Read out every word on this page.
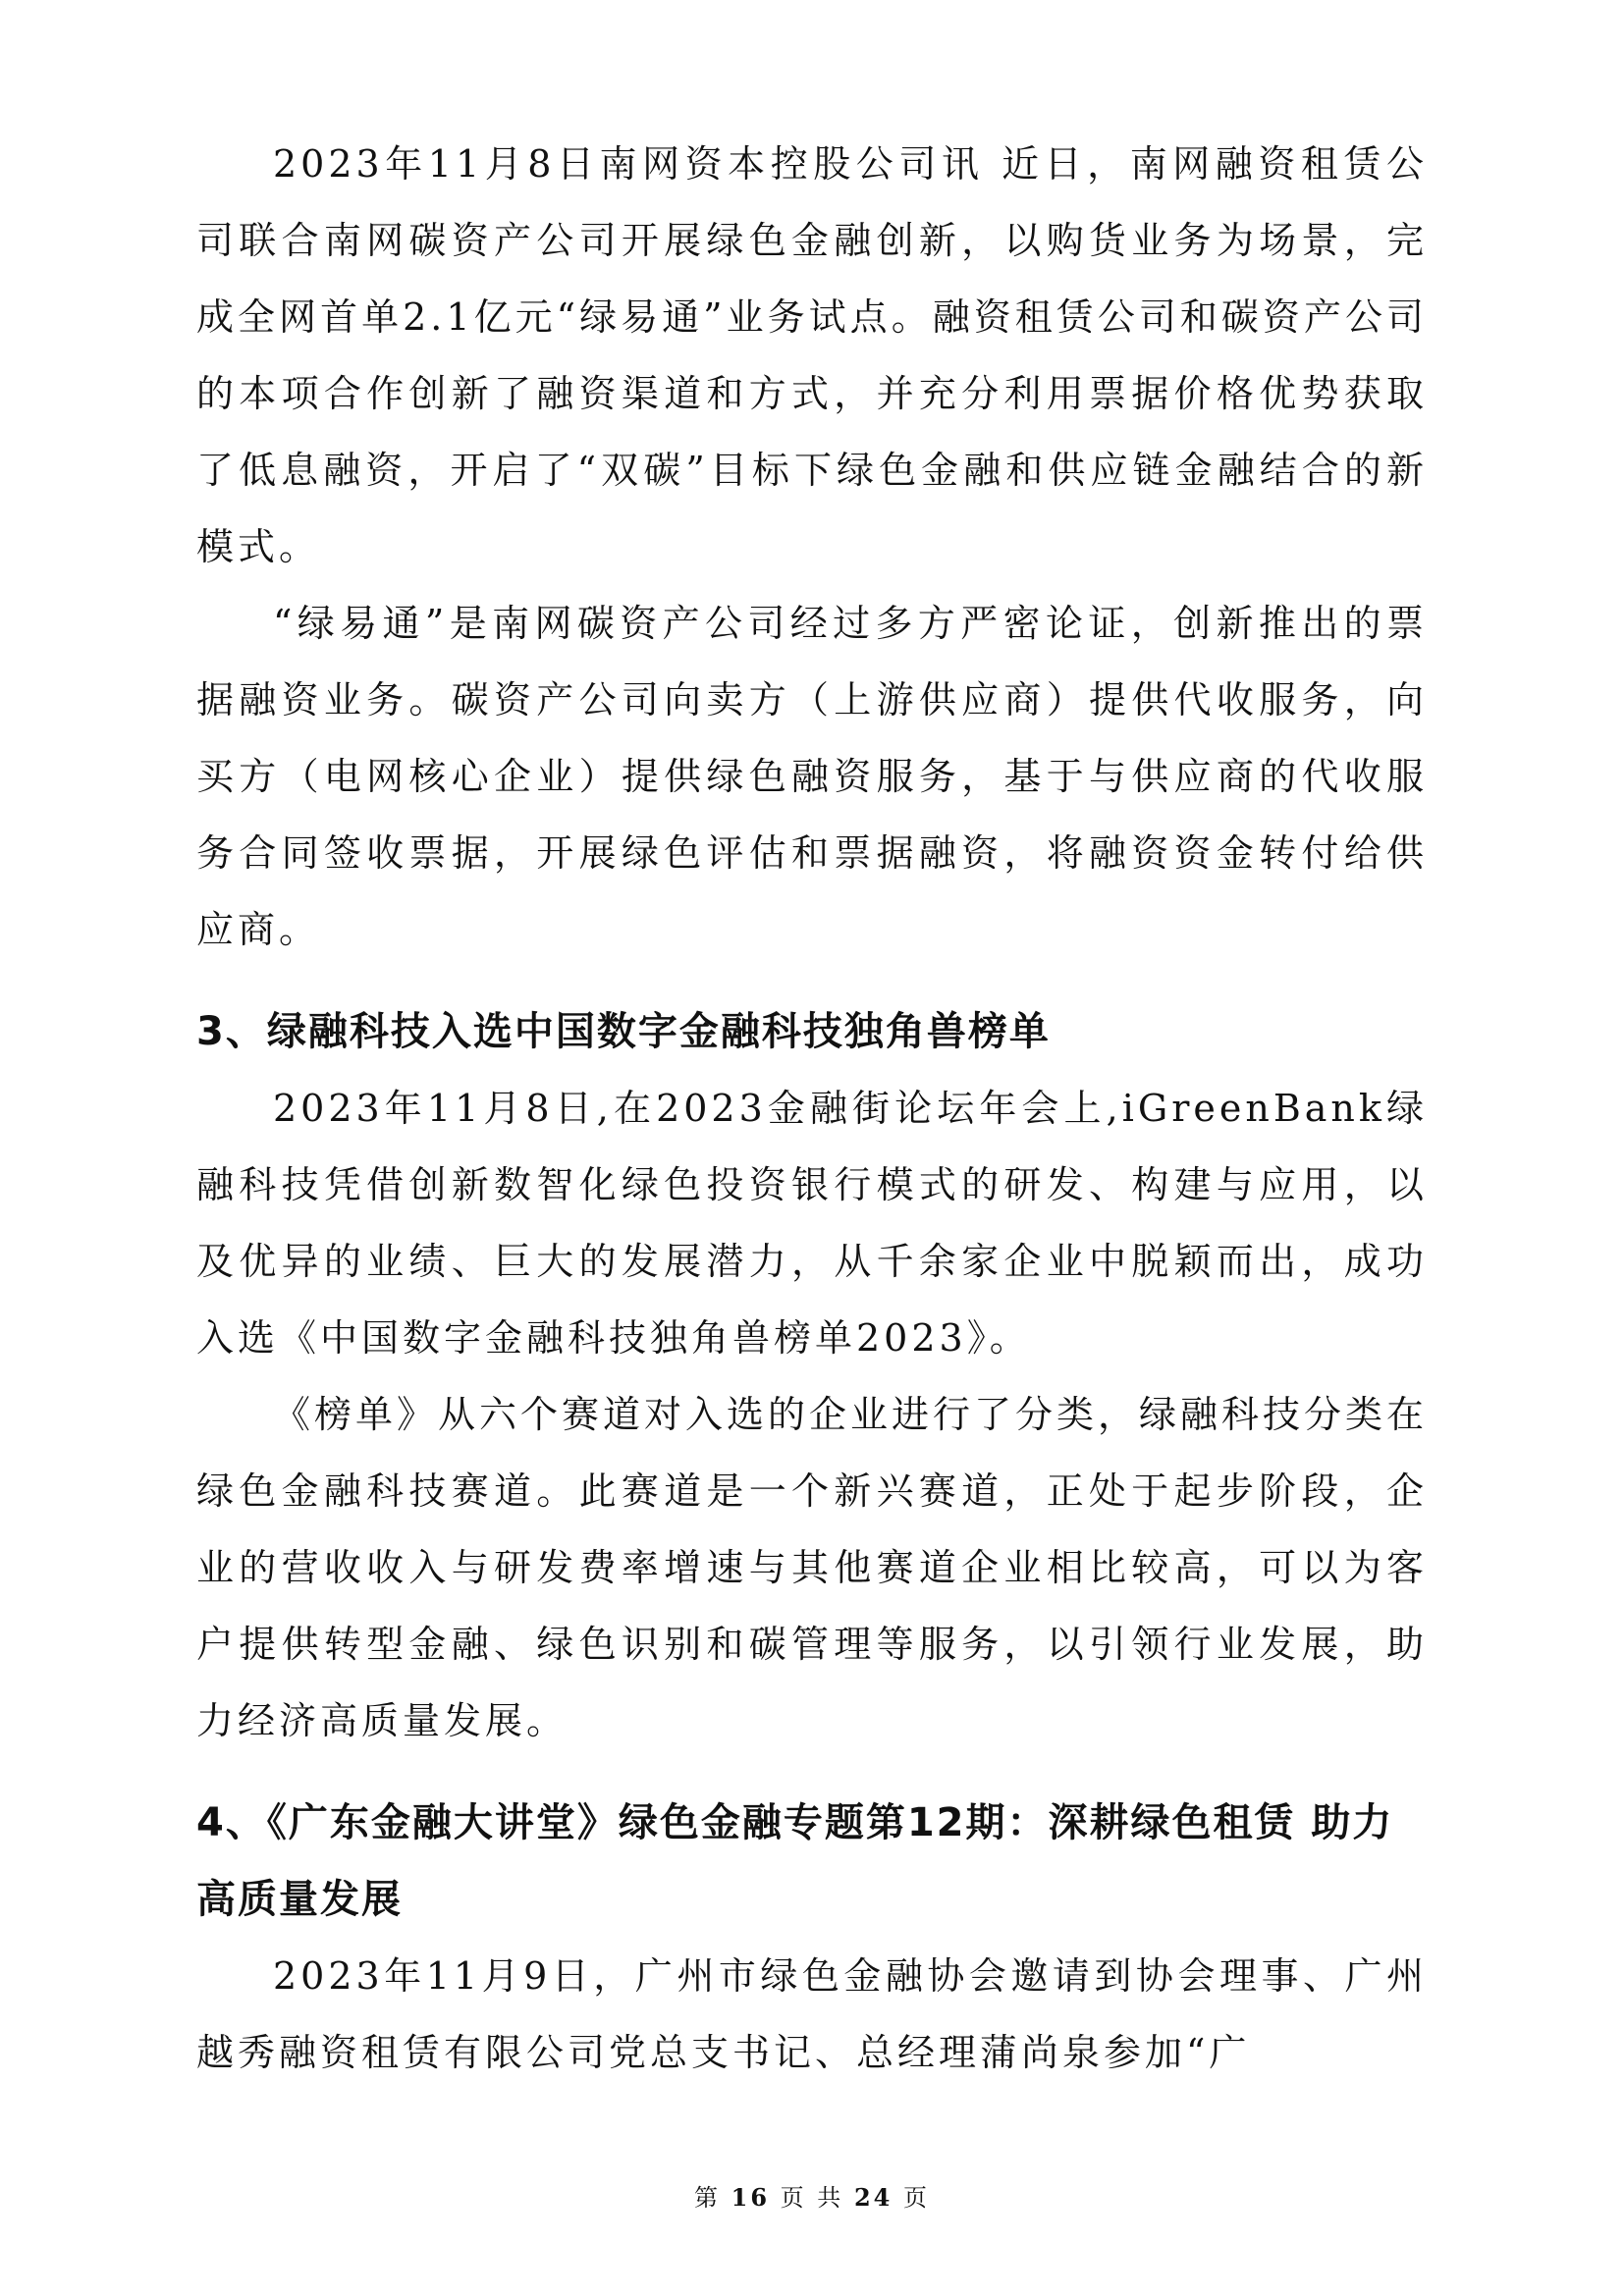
2023年11月8日南网资本控股公司讯 近日，南网融资租赁公司联合南网碳资产公司开展绿色金融创新，以购货业务为场景，完成全网首单2.1亿元“绿易通”业务试点。融资租赁公司和碳资产公司的本项合作创新了融资渠道和方式，并充分利用票据价格优势获取了低息融资，开启了“双碳”目标下绿色金融和供应链金融结合的新模式。

“绿易通”是南网碳资产公司经过多方严密论证，创新推出的票据融资业务。碳资产公司向卖方（上游供应商）提供代收服务，向买方（电网核心企业）提供绿色融资服务，基于与供应商的代收服务合同签收票据，开展绿色评估和票据融资，将融资资金转付给供应商。

3、绿融科技入选中国数字金融科技独角兽榜单

2023年11月8日,在2023金融街论坛年会上,iGreenBank绿融科技凭借创新数智化绿色投资银行模式的研发、构建与应用，以及优异的业绩、巨大的发展潜力，从千余家企业中脱颖而出，成功入选《中国数字金融科技独角兽榜单2023》。

《榜单》从六个赛道对入选的企业进行了分类，绿融科技分类在绿色金融科技赛道。此赛道是一个新兴赛道，正处于起步阶段，企业的营收收入与研发费率增速与其他赛道企业相比较高，可以为客户提供转型金融、绿色识别和碳管理等服务，以引领行业发展，助力经济高质量发展。

4、《广东金融大讲堂》绿色金融专题第12期：深耕绿色租赁 助力高质量发展

2023年11月9日，广州市绿色金融协会邀请到协会理事、广州越秀融资租赁有限公司党总支书记、总经理蒲尚泉参加“广

第 16 页 共 24 页
